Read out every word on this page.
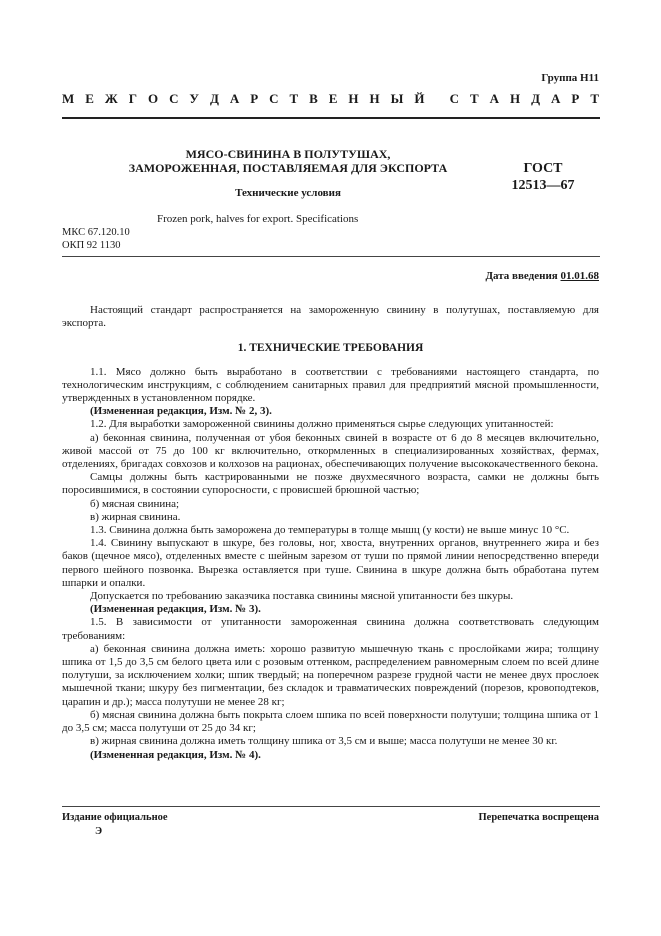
Группа Н11
М Е Ж Г О С У Д А Р С Т В Е Н Н Ы Й
С Т А Н Д А Р Т
МЯСО-СВИНИНА В ПОЛУТУШАХ,
ЗАМОРОЖЕННАЯ, ПОСТАВЛЯЕМАЯ ДЛЯ ЭКСПОРТА	ГОСТ
12513—67
Технические условия
Frozen pork, halves for export. Specifications
МКС 67.120.10
ОКП 92 1130
Дата введения 01.01.68

Настоящий стандарт распространяется на замороженную свинину в полутушах, поставляемую для экспорта.

1. ТЕХНИЧЕСКИЕ ТРЕБОВАНИЯ

1.1. Мясо должно быть выработано в соответствии с требованиями настоящего стандарта, по технологическим инструкциям, с соблюдением санитарных правил для предприятий мясной промышленности, утвержденных в установленном порядке.

(Измененная редакция, Изм. № 2, 3).

1.2. Для выработки замороженной свинины должно применяться сырье следующих упитанностей:

а) беконная свинина, полученная от убоя беконных свиней в возрасте от 6 до 8 месяцев включительно, живой массой от 75 до 100 кг включительно, откормленных в специализированных хозяйствах, фермах, отделениях, бригадах совхозов и колхозов на рационах, обеспечивающих получение высококачественного бекона.

Самцы должны быть кастрированными не позже двухмесячного возраста, самки не должны быть поросившимися, в состоянии супоросности, с провисшей брюшной частью;

б) мясная свинина;

в) жирная свинина.

1.3. Свинина должна быть заморожена до температуры в толще мышц (у кости) не выше минус 10 °С.

1.4. Свинину выпускают в шкуре, без головы, ног, хвоста, внутренних органов, внутреннего жира и без баков (щечное мясо), отделенных вместе с шейным зарезом от туши по прямой линии непосредственно впереди первого шейного позвонка. Вырезка оставляется при туше. Свинина в шкуре должна быть обработана путем шпарки и опалки.

Допускается по требованию заказчика поставка свинины мясной упитанности без шкуры.

(Измененная редакция, Изм. № 3).

1.5. В зависимости от упитанности замороженная свинина должна соответствовать следующим требованиям:

а) беконная свинина должна иметь: хорошо развитую мышечную ткань с прослойками жира; толщину шпика от 1,5 до 3,5 см белого цвета или с розовым оттенком, распределением равномерным слоем по всей длине полутуши, за исключением холки; шпик твердый; на поперечном разрезе грудной части не менее двух прослоек мышечной ткани; шкуру без пигментации, без складок и травматических повреждений (порезов, кровоподтеков, царапин и др.); масса полутуши не менее 28 кг;

б) мясная свинина должна быть покрыта слоем шпика по всей поверхности полутуши; толщина шпика от 1 до 3,5 см; масса полутуши от 25 до 34 кг;

в) жирная свинина должна иметь толщину шпика от 3,5 см и выше; масса полутуши не менее 30 кг.

(Измененная редакция, Изм. № 4).

Издание официальное
Э
Перепечатка воспрещена
